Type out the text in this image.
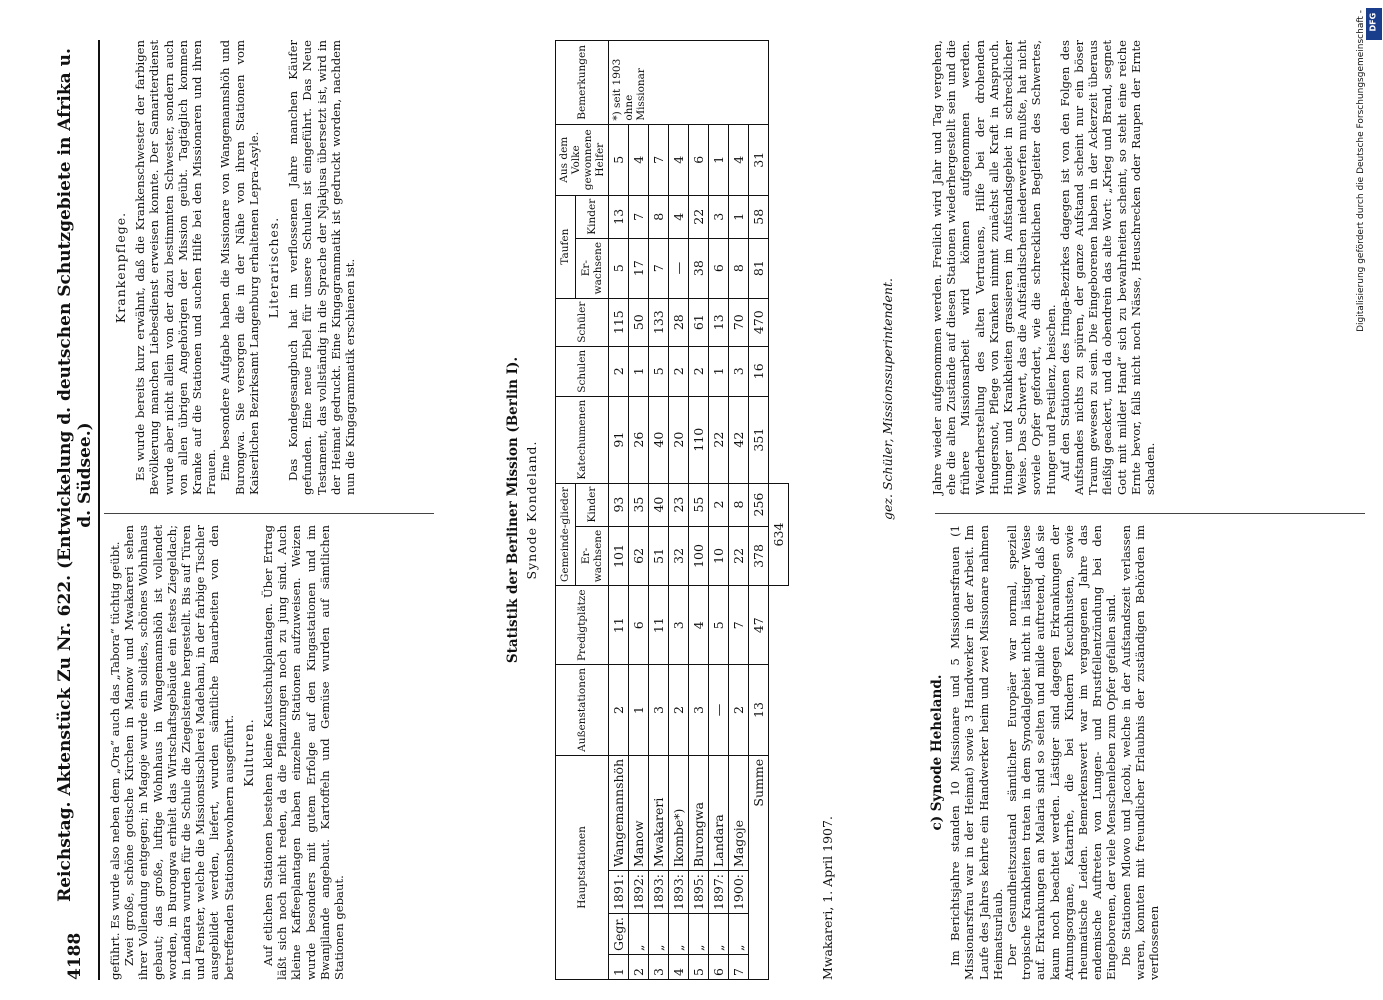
4188
Reichstag. Aktenstück Zu Nr. 622. (Entwickelung d. deutschen Schutzgebiete in Afrika u. d. Südsee.)

geführt. Es wurde also neben dem „Ora“ auch das „Tabora“ tüchtig geübt. Zwei große, schöne gotische Kirchen in Manow und Mwakareri sehen ihrer Vollendung entgegen; in Magoje wurde ein solides, schönes Wohnhaus gebaut; das große, luftige Wohnhaus in Wangemannshöh ist vollendet worden, in Burongwa erhielt das Wirtschaftsgebäude ein festes Ziegeldach; in Landara wurden für die Schule die Ziegelsteine hergestellt. Bis auf Türen und Fenster, welche die Missionstischlerei Madehani, in der farbige Tischler ausgebildet werden, liefert, wurden sämtliche Bauarbeiten von den betreffenden Stationsbewohnern ausgeführt. Kulturen. Auf etlichen Stationen bestehen kleine Kautschukplantagen. Über Ertrag läßt sich noch nicht reden, da die Pflanzungen noch zu jung sind. Auch kleine Kaffeeplantagen haben einzelne Stationen aufzuweisen. Weizen wurde besonders mit gutem Erfolge auf den Kingastationen und im Bwanjilande angebaut. Kartoffeln und Gemüse wurden auf sämtlichen Stationen gebaut.

Krankenpflege. Es wurde bereits kurz erwähnt, daß die Krankenschwester der farbigen Bevölkerung manchen Liebesdienst erweisen konnte. Der Samariterdienst wurde aber nicht allein von der dazu bestimmten Schwester, sondern auch von allen übrigen Angehörigen der Mission geübt. Tagtäglich kommen Kranke auf die Stationen und suchen Hilfe bei den Missionaren und ihren Frauen. Eine besondere Aufgabe haben die Missionare von Wangemannshöh und Burongwa. Sie versorgen die in der Nähe von ihren Stationen vom Kaiserlichen Bezirksamt Langenburg erhaltenen Lepra-Asyle. Literarisches. Das Kondegesangbuch hat im verflossenen Jahre manchen Käufer gefunden. Eine neue Fibel für unsere Schulen ist eingeführt. Das Neue Testament, das vollständig in die Sprache der Njakjusa übersetzt ist, wird in der Heimat gedruckt. Eine Kingagrammatik ist gedruckt worden, nachdem nun die Kingagrammatik erschienen ist.	Statistik der Berliner Mission (Berlin I). Synode Kondeland.
Hauptstationen				Außenstationen	Predigtplätze	Gemeinde-glieder		Katechumenen	Schulen	Schüler	Taufen		Aus dem Volke gewonnene Helfer	Bemerkungen
						Er-wachsene	Kinder				Er-wachsene	Kinder		
1	Gegr.	1891:	Wangemannshöh	2	11	101	93	91	2	115	5	13	5	*) seit 1903 ohne Missionar
2	„	1892:	Manow	1	6	62	35	26	1	50	17	7	4	
3	„	1893:	Mwakareri	3	11	51	40	40	5	133	7	8	7	
4	„	1893:	Ikombe*)	2	3	32	23	20	2	28	—	4	4	
5	„	1895:	Burongwa	3	4	100	55	110	2	61	38	22	6	
6	„	1897:	Landara	—	5	10	2	22	1	13	6	3	1	
7	„	1900:	Magoje	2	7	22	8	42	3	70	8	1	4	
Summe				13	47	378	256	351	16	470	81	58	31	
						634								
Mwakareri, 1. April 1907.
gez. Schüler, Missionssuperintendent.
c) Synode Heheland. Im Berichtsjahre standen 10 Missionare und 5 Missionarsfrauen (1 Missionarsfrau war in der Heimat) sowie 3 Handwerker in der Arbeit. Im Laufe des Jahres kehrte ein Handwerker heim und zwei Missionare nahmen Heimatsurlaub. Der Gesundheitszustand sämtlicher Europäer war normal, speziell tropische Krankheiten traten in dem Synodalgebiet nicht in lästiger Weise auf. Erkrankungen an Malaria sind so selten und milde auftretend, daß sie kaum noch beachtet werden. Lästiger sind dagegen Erkrankungen der Atmungsorgane, Katarrhe, die bei Kindern Keuchhusten, sowie rheumatische Leiden. Bemerkenswert war im vergangenen Jahre das endemische Auftreten von Lungen- und Brustfellentzündung bei den Eingeborenen, der viele Menschenleben zum Opfer gefallen sind. Die Stationen Mlowo und Jacobi, welche in der Aufstandszeit verlassen waren, konnten mit freundlicher Erlaubnis der zuständigen Behörden im verflossenen

Jahre wieder aufgenommen werden. Freilich wird Jahr und Tag vergehen, ehe die alten Zustände auf diesen Stationen wiederhergestellt sein und die frühere Missionsarbeit wird können aufgenommen werden. Wiederherstellung des alten Vertrauens, Hilfe bei der drohenden Hungersnot, Pflege von Kranken nimmt zunächst alle Kraft in Anspruch. Hunger und Krankheiten grassieren im Aufstandsgebiet in schrecklicher Weise. Das Schwert, das die Aufständischen niederwerfen mußte, hat nicht soviele Opfer gefordert, wie die schrecklichen Begleiter des Schwertes, Hunger und Pestilenz, heischen. Auf den Stationen des Iringa-Bezirkes dagegen ist von den Folgen des Aufstandes nichts zu spüren, der ganze Aufstand scheint nur ein böser Traum gewesen zu sein. Die Eingeborenen haben in der Ackerzeit überaus fleißig geackert, und da obendrein das alte Wort: „Krieg und Brand, segnet Gott mit milder Hand“ sich zu bewahrheiten scheint, so steht eine reiche Ernte bevor, falls nicht noch Nässe, Heuschrecken oder Raupen der Ernte schaden.

Digitalisierung gefördert durch die Deutsche Forschungsgemeinschaft - DFG
